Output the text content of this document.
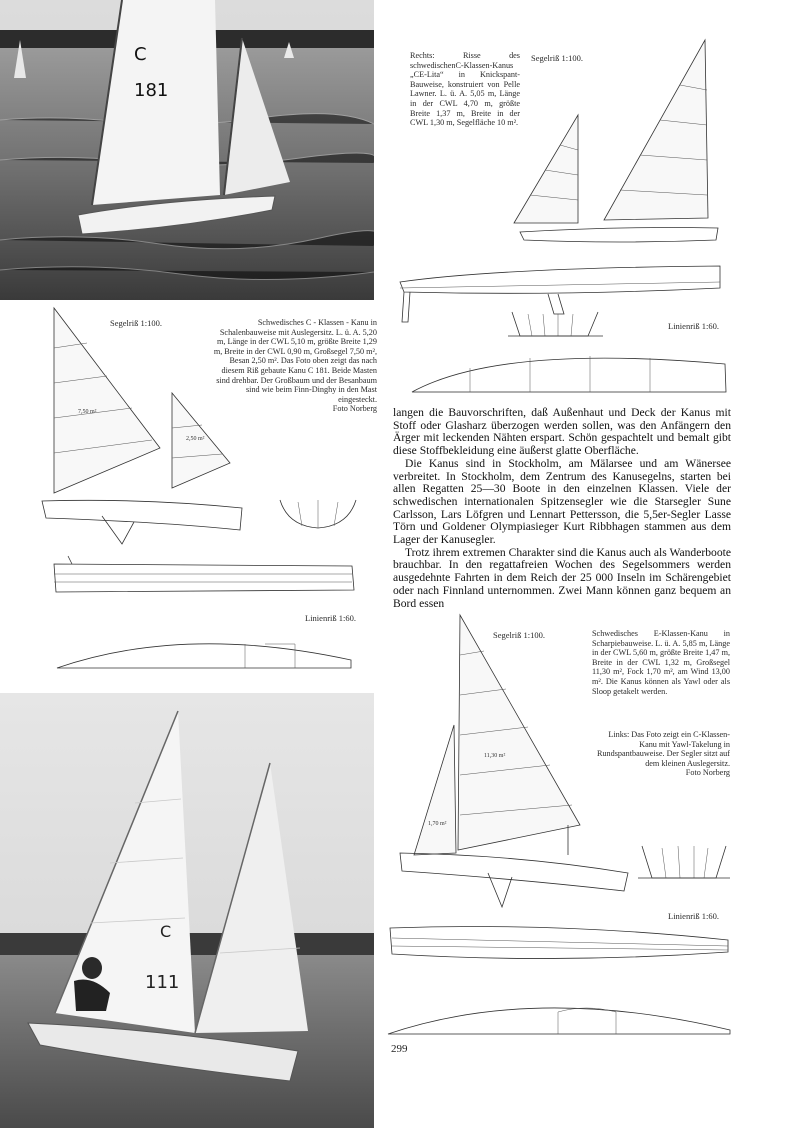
C
181
Rechts: Risse des schwedischenC-Klassen-Kanus „CE-Lita“ in Knickspant-Bauweise, konstruiert von Pelle Lawner. L. ü. A. 5,05 m, Länge in der CWL 4,70 m, größte Breite 1,37 m, Breite in der CWL 1,30 m, Segelfläche 10 m².
Segelriß 1:100.
Linienriß 1:60.
Segelriß 1:100.	Schwedisches C - Klassen - Kanu in Schalenbauweise mit Auslegersitz. L. ü. A. 5,20 m, Länge in der CWL 5,10 m, größte Breite 1,29 m, Breite in der CWL 0,90 m, Großsegel 7,50 m², Besan 2,50 m². Das Foto oben zeigt das nach diesem Riß gebaute Kanu C 181. Beide Masten sind drehbar. Der Großbaum und der Besanbaum sind wie beim Finn-Dinghy in den Mast eingesteckt.
Foto Norberg
7,50 m²
2,50 m²
Linienriß 1:60.
C
111

langen die Bauvorschriften, daß Außenhaut und Deck der Kanus mit Stoff oder Glasharz überzogen werden sollen, was den Anfängern den Ärger mit leckenden Nähten erspart. Schön gespachtelt und bemalt gibt diese Stoffbekleidung eine äußerst glatte Oberfläche.

Die Kanus sind in Stockholm, am Mälarsee und am Wänersee verbreitet. In Stockholm, dem Zentrum des Kanusegelns, starten bei allen Regatten 25—30 Boote in den einzelnen Klassen. Viele der schwedischen internationalen Spitzensegler wie die Starsegler Sune Carlsson, Lars Löfgren und Lennart Pettersson, die 5,5er-Segler Lasse Törn und Goldener Olympiasieger Kurt Ribbhagen stammen aus dem Lager der Kanusegler.

Trotz ihrem extremen Charakter sind die Kanus auch als Wanderboote brauchbar. In den regattafreien Wochen des Segelsommers werden ausgedehnte Fahrten in dem Reich der 25 000 Inseln im Schärengebiet oder nach Finnland unternommen. Zwei Mann können ganz bequem an Bord essen

Segelriß 1:100.	Schwedisches E-Klassen-Kanu in Scharpiebauweise. L. ü. A. 5,85 m, Länge in der CWL 5,60 m, größte Breite 1,47 m, Breite in der CWL 1,32 m, Großsegel 11,30 m², Fock 1,70 m², am Wind 13,00 m². Die Kanus können als Yawl oder als Sloop getakelt werden.
Links: Das Foto zeigt ein C-Klassen-Kanu mit Yawl-Takelung in Rundspantbauweise. Der Segler sitzt auf dem kleinen Auslegersitz.
Foto Norberg
11,30 m²
1,70 m²
Linienriß 1:60.
299
